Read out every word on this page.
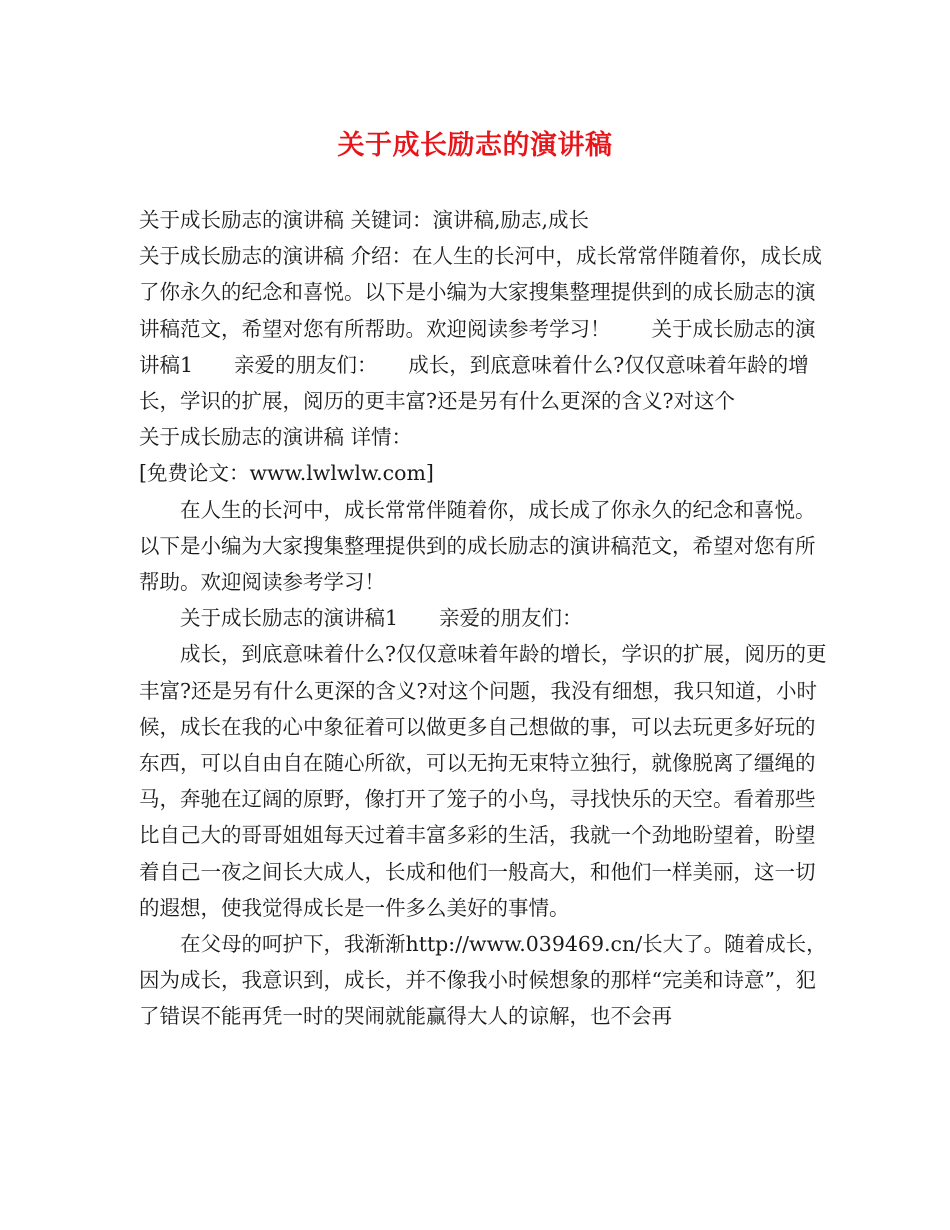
关于成长励志的演讲稿

关于成长励志的演讲稿 关键词：演讲稿,励志,成长

关于成长励志的演讲稿 介绍：在人生的长河中，成长常常伴随着你，成长成了你永久的纪念和喜悦。以下是小编为大家搜集整理提供到的成长励志的演讲稿范文，希望对您有所帮助。欢迎阅读参考学习！　　关于成长励志的演讲稿1　　亲爱的朋友们：　　成长，到底意味着什么?仅仅意味着年龄的增长，学识的扩展，阅历的更丰富?还是另有什么更深的含义?对这个

关于成长励志的演讲稿 详情：

[免费论文：www.lwlwlw.com]

在人生的长河中，成长常常伴随着你，成长成了你永久的纪念和喜悦。以下是小编为大家搜集整理提供到的成长励志的演讲稿范文，希望对您有所帮助。欢迎阅读参考学习！

关于成长励志的演讲稿1　　亲爱的朋友们：

成长，到底意味着什么?仅仅意味着年龄的增长，学识的扩展，阅历的更丰富?还是另有什么更深的含义?对这个问题，我没有细想，我只知道，小时候，成长在我的心中象征着可以做更多自己想做的事，可以去玩更多好玩的东西，可以自由自在随心所欲，可以无拘无束特立独行，就像脱离了缰绳的马，奔驰在辽阔的原野，像打开了笼子的小鸟，寻找快乐的天空。看着那些比自己大的哥哥姐姐每天过着丰富多彩的生活，我就一个劲地盼望着，盼望着自己一夜之间长大成人，长成和他们一般高大，和他们一样美丽，这一切的遐想，使我觉得成长是一件多么美好的事情。

在父母的呵护下，我渐渐http://www.039469.cn/长大了。随着成长，因为成长，我意识到，成长，并不像我小时候想象的那样“完美和诗意”，犯了错误不能再凭一时的哭闹就能赢得大人的谅解，也不会再
